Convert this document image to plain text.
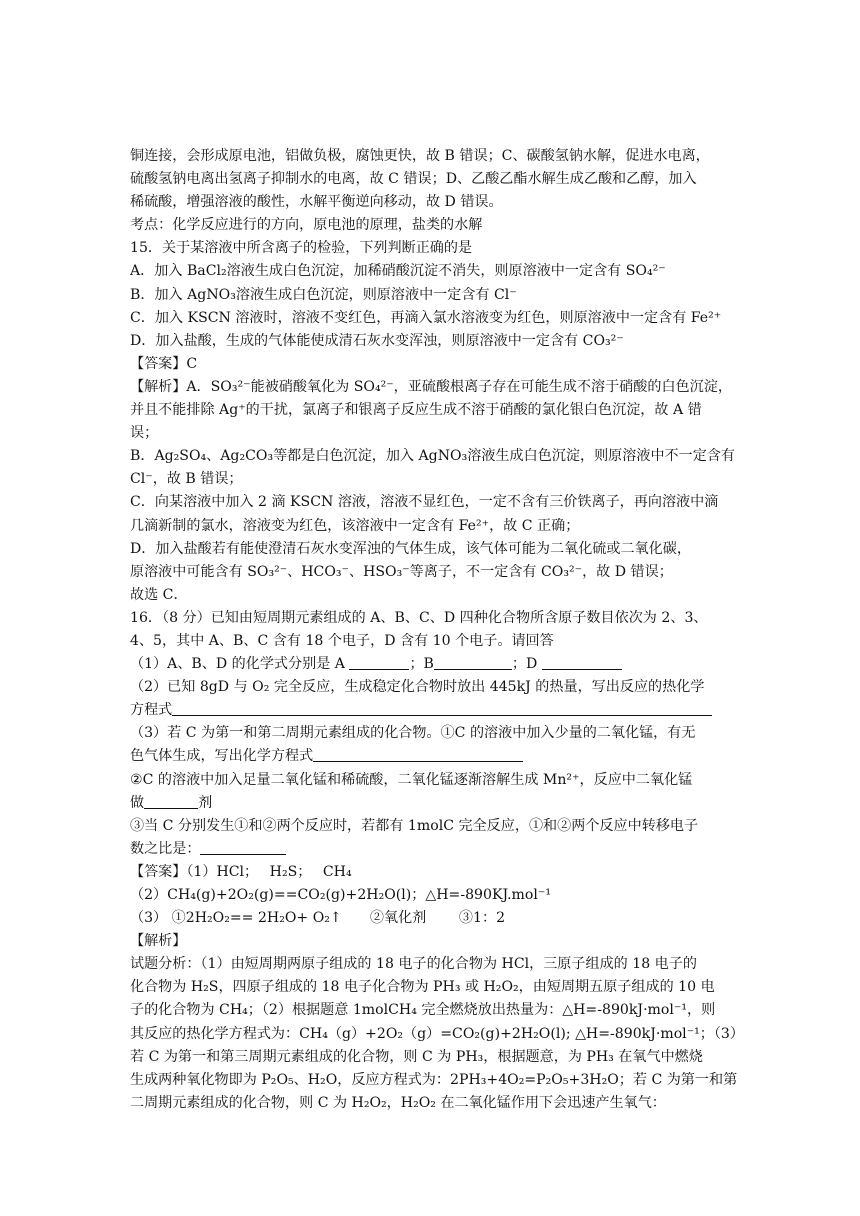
铜连接，会形成原电池，铝做负极，腐蚀更快，故 B 错误；C、碳酸氢钠水解，促进水电离，
硫酸氢钠电离出氢离子抑制水的电离，故 C 错误；D、乙酸乙酯水解生成乙酸和乙醇，加入
稀硫酸，增强溶液的酸性，水解平衡逆向移动，故 D 错误。
考点：化学反应进行的方向，原电池的原理，盐类的水解
15．关于某溶液中所含离子的检验，下列判断正确的是
A．加入 BaCl₂溶液生成白色沉淀，加稀硝酸沉淀不消失，则原溶液中一定含有 SO₄²⁻
B．加入 AgNO₃溶液生成白色沉淀，则原溶液中一定含有 Cl⁻
C．加入 KSCN 溶液时，溶液不变红色，再滴入氯水溶液变为红色，则原溶液中一定含有 Fe²⁺
D．加入盐酸，生成的气体能使成清石灰水变浑浊，则原溶液中一定含有 CO₃²⁻
【答案】C
【解析】A．SO₃²⁻能被硝酸氧化为 SO₄²⁻，亚硫酸根离子存在可能生成不溶于硝酸的白色沉淀，
并且不能排除 Ag⁺的干扰，氯离子和银离子反应生成不溶于硝酸的氯化银白色沉淀，故 A 错
误；
B．Ag₂SO₄、Ag₂CO₃等都是白色沉淀，加入 AgNO₃溶液生成白色沉淀，则原溶液中不一定含有
Cl⁻，故 B 错误；
C．向某溶液中加入 2 滴 KSCN 溶液，溶液不显红色，一定不含有三价铁离子，再向溶液中滴
几滴新制的氯水，溶液变为红色，该溶液中一定含有 Fe²⁺，故 C 正确；
D．加入盐酸若有能使澄清石灰水变浑浊的气体生成，该气体可能为二氧化硫或二氧化碳，
原溶液中可能含有 SO₃²⁻、HCO₃⁻、HSO₃⁻等离子，不一定含有 CO₃²⁻，故 D 错误；
故选 C．
16．（8 分）已知由短周期元素组成的 A、B、C、D 四种化合物所含原子数目依次为 2、3、
4、5，其中 A、B、C 含有 18 个电子，D 含有 10 个电子。请回答
（1）A、B、D 的化学式分别是 A	；B	；D
（2）已知 8gD 与 O₂ 完全反应，生成稳定化合物时放出 445kJ 的热量，写出反应的热化学
方程式
（3）若 C 为第一和第二周期元素组成的化合物。①C 的溶液中加入少量的二氧化锰，有无
色气体生成，写出化学方程式
②C 的溶液中加入足量二氧化锰和稀硫酸，二氧化锰逐渐溶解生成 Mn²⁺，反应中二氧化锰
做	剂
③当 C 分别发生①和②两个反应时，若都有 1molC 完全反应，①和②两个反应中转移电子
数之比是：
【答案】（1）HCl；　 H₂S；　 CH₄
（2）CH₄(g)+2O₂(g)==CO₂(g)+2H₂O(l)；△H=-890KJ.mol⁻¹
（3） ①2H₂O₂== 2H₂O+ O₂↑　　②氧化剂　　 ③1：2
【解析】
试题分析：（1）由短周期两原子组成的 18 电子的化合物为 HCl，三原子组成的 18 电子的
化合物为 H₂S，四原子组成的 18 电子化合物为 PH₃ 或 H₂O₂，由短周期五原子组成的 10 电
子的化合物为 CH₄；（2）根据题意 1molCH₄ 完全燃烧放出热量为：△H=-890kJ·mol⁻¹，则
其反应的热化学方程式为：CH₄（g）+2O₂（g）=CO₂(g)+2H₂O(l); △H=-890kJ·mol⁻¹；（3）
若 C 为第一和第三周期元素组成的化合物，则 C 为 PH₃，根据题意，为 PH₃ 在氧气中燃烧
生成两种氧化物即为 P₂O₅、H₂O，反应方程式为：2PH₃+4O₂=P₂O₅+3H₂O；若 C 为第一和第
二周期元素组成的化合物，则 C 为 H₂O₂，H₂O₂ 在二氧化锰作用下会迅速产生氧气：
